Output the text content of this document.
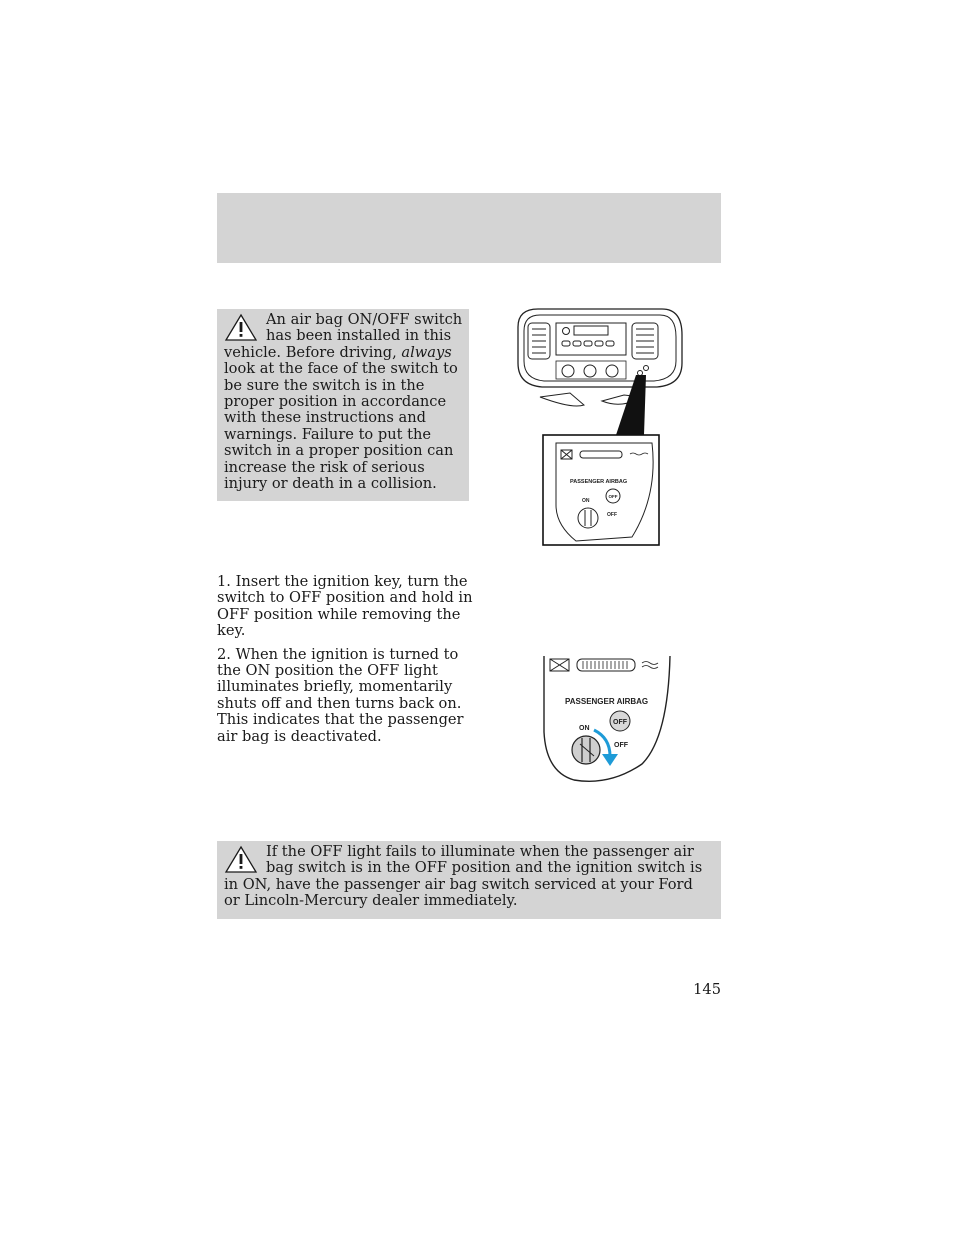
An air bag ON/OFF switch has been installed in this vehicle. Before driving, always look at the face of the switch to be sure the switch is in the proper position in accordance with these instructions and warnings. Failure to put the switch in a proper position can increase the risk of serious injury or death in a collision.	PASSENGER AIRBAG
OFF
ON
OFF

1. Insert the ignition key, turn the switch to OFF position and hold in OFF position while removing the key.

2. When the ignition is turned to the ON position the OFF light illuminates briefly, momentarily shuts off and then turns back on. This indicates that the passenger air bag is deactivated.

PASSENGER AIRBAG
OFF
ON
OFF

If the OFF light fails to illuminate when the passenger air bag switch is in the OFF position and the ignition switch is in ON, have the passenger air bag switch serviced at your Ford or Lincoln-Mercury dealer immediately.

145
